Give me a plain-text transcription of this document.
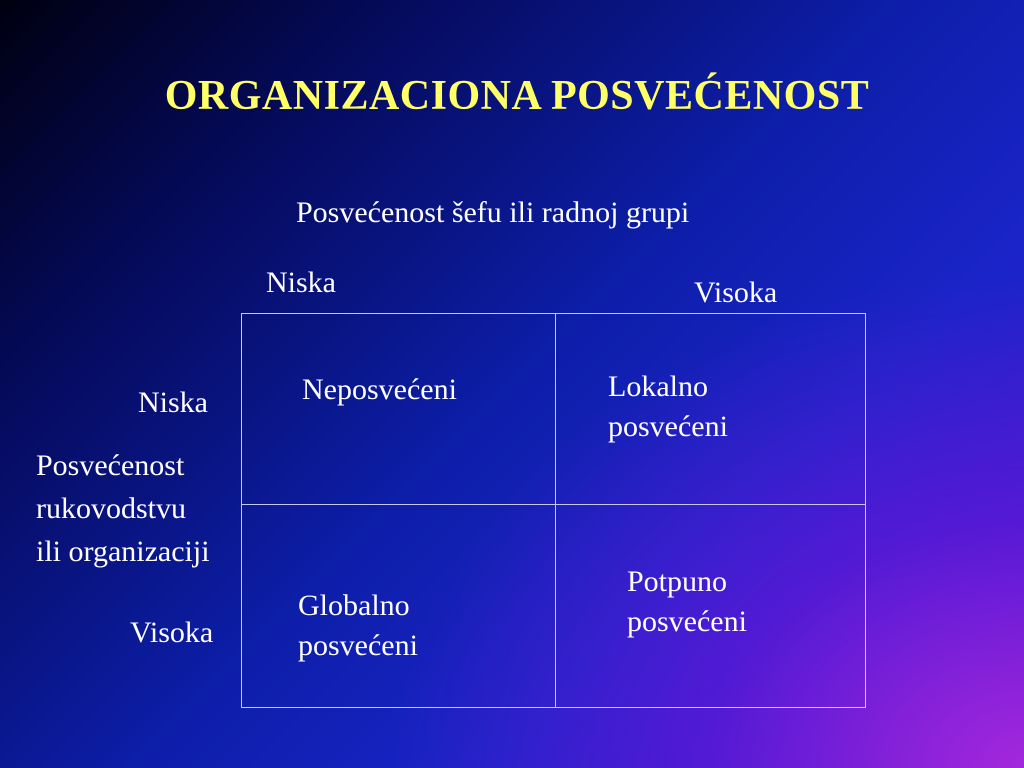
ORGANIZACIONA POSVEĆENOST
Posvećenost šefu ili radnoj grupi
Niska	Visoka
Niska
Posvećenost
rukovodstvu
ili organizaciji
Visoka
Neposvećeni	Lokalno
posvećeni
Globalno
posvećeni
Potpuno
posvećeni
